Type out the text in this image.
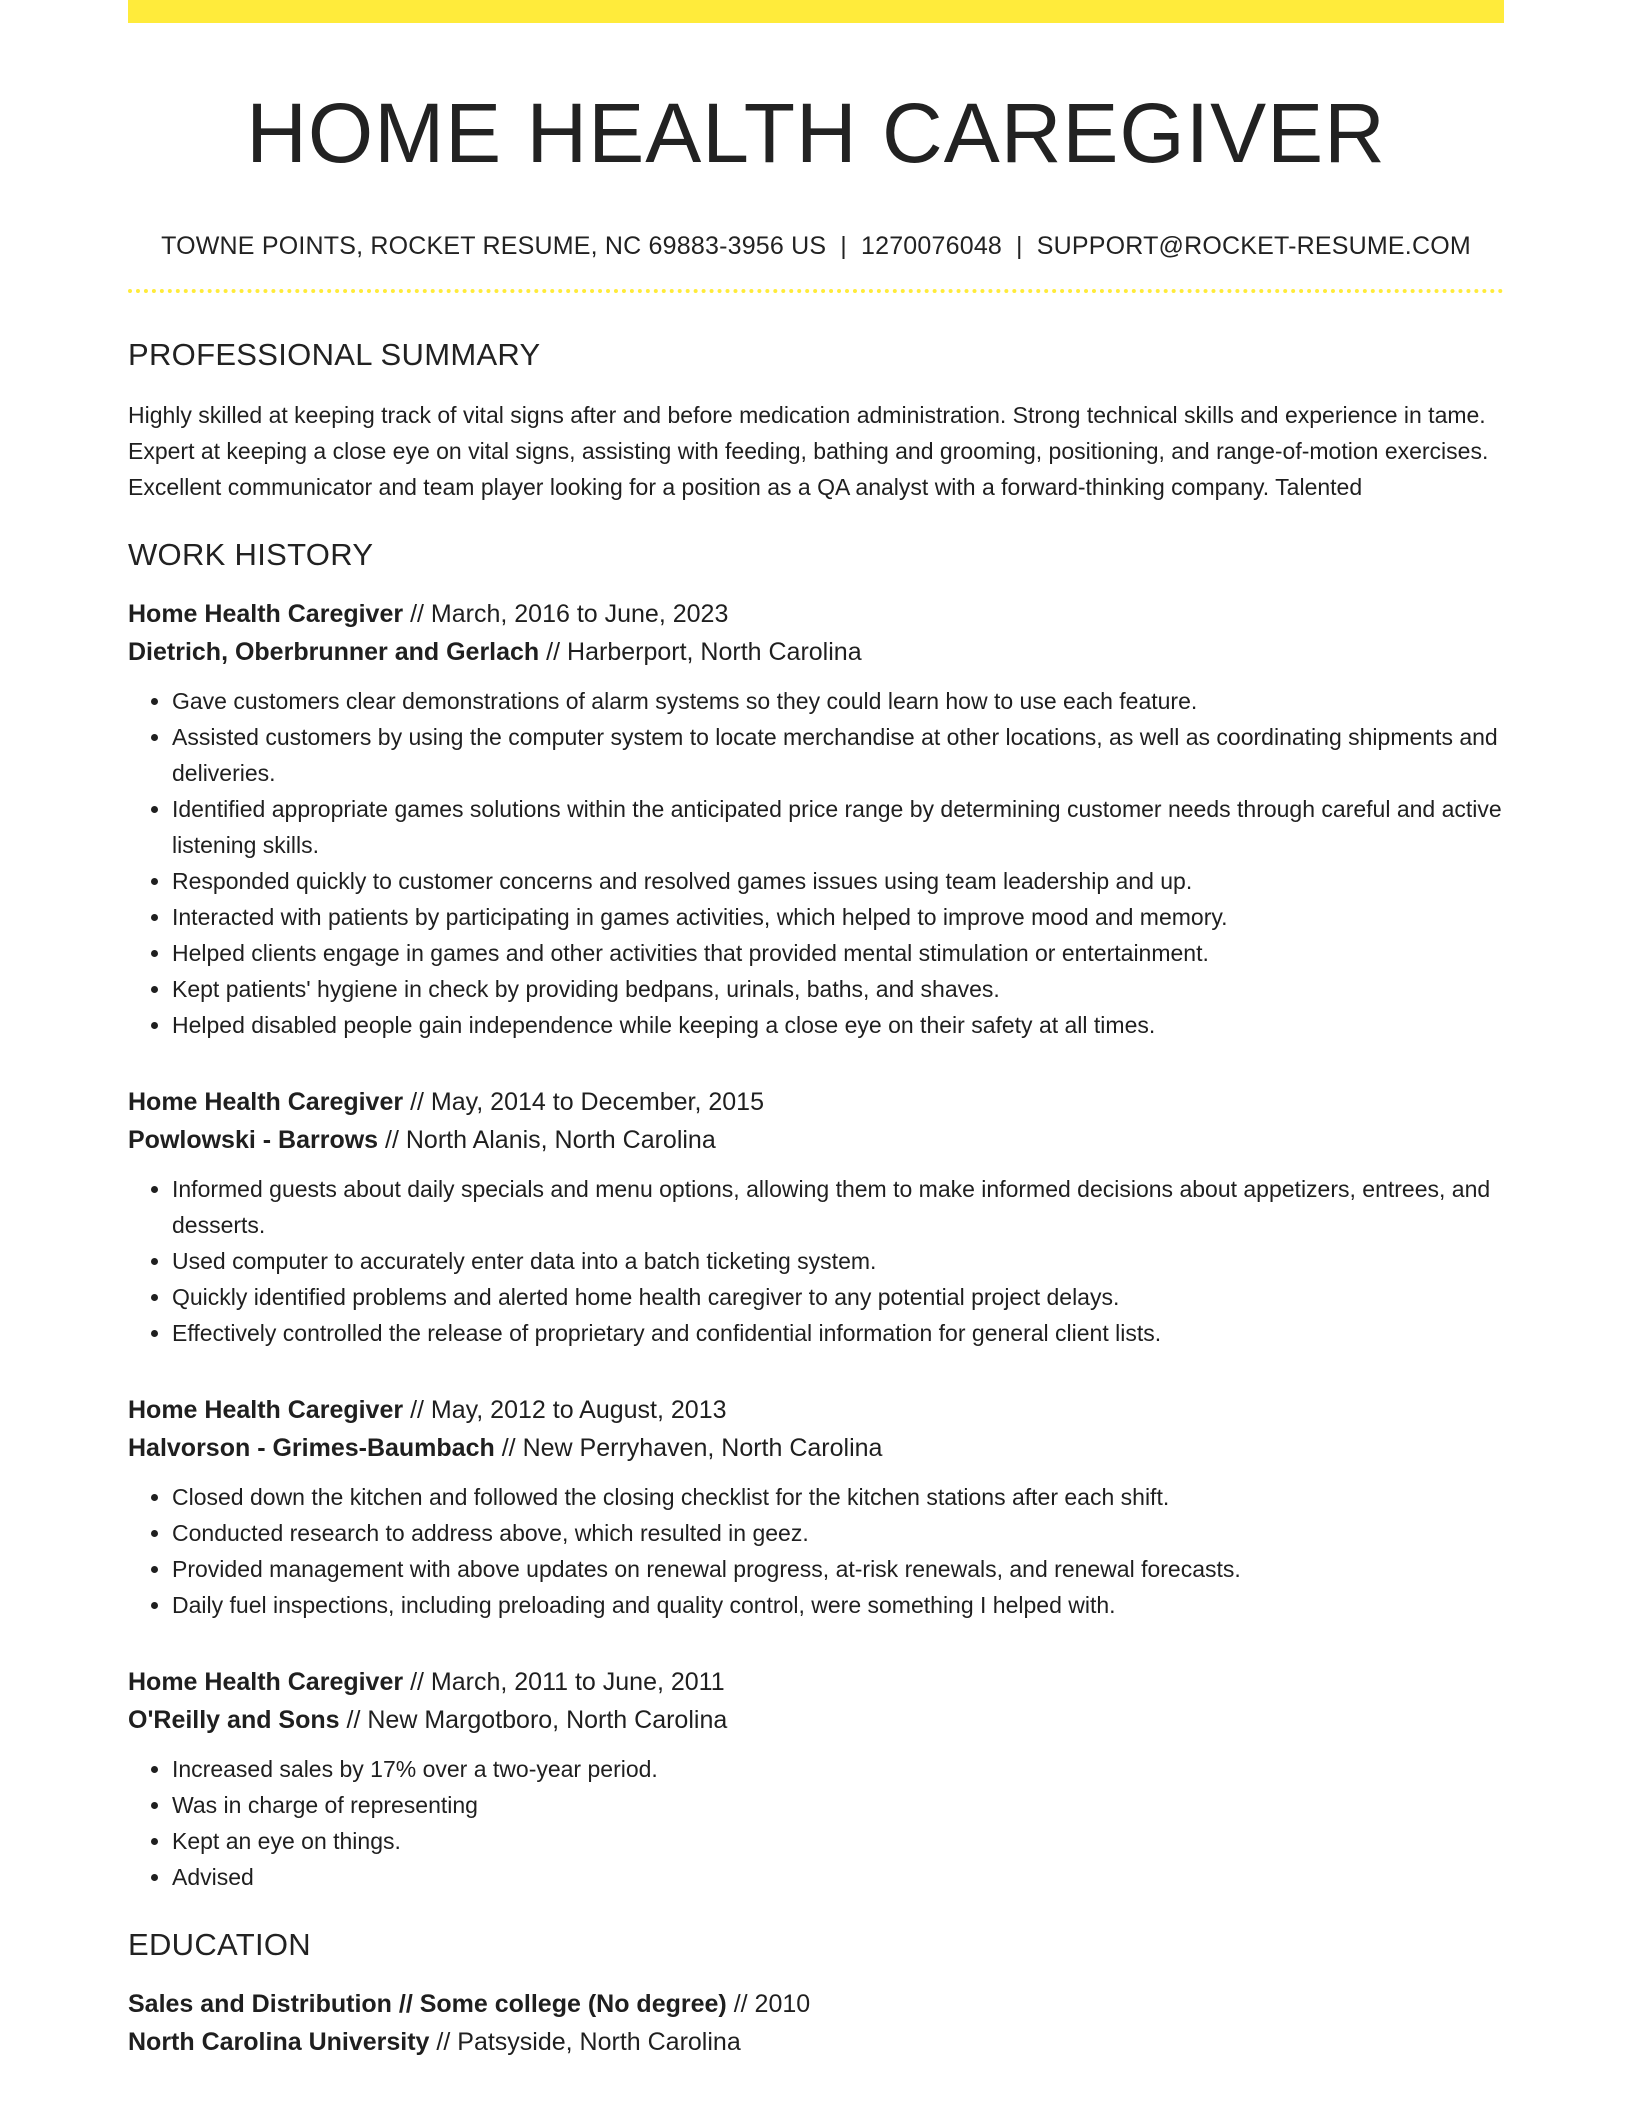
HOME HEALTH CAREGIVER
TOWNE POINTS, ROCKET RESUME, NC 69883-3956 US | 1270076048 | SUPPORT@ROCKET-RESUME.COM
PROFESSIONAL SUMMARY
Highly skilled at keeping track of vital signs after and before medication administration. Strong technical skills and experience in tame. Expert at keeping a close eye on vital signs, assisting with feeding, bathing and grooming, positioning, and range-of-motion exercises. Excellent communicator and team player looking for a position as a QA analyst with a forward-thinking company. Talented
WORK HISTORY
Home Health Caregiver // March, 2016 to June, 2023
Dietrich, Oberbrunner and Gerlach // Harberport, North Carolina
• Gave customers clear demonstrations of alarm systems so they could learn how to use each feature.
• Assisted customers by using the computer system to locate merchandise at other locations, as well as coordinating shipments and deliveries.
• Identified appropriate games solutions within the anticipated price range by determining customer needs through careful and active listening skills.
• Responded quickly to customer concerns and resolved games issues using team leadership and up.
• Interacted with patients by participating in games activities, which helped to improve mood and memory.
• Helped clients engage in games and other activities that provided mental stimulation or entertainment.
• Kept patients' hygiene in check by providing bedpans, urinals, baths, and shaves.
• Helped disabled people gain independence while keeping a close eye on their safety at all times.
Home Health Caregiver // May, 2014 to December, 2015
Powlowski - Barrows // North Alanis, North Carolina
• Informed guests about daily specials and menu options, allowing them to make informed decisions about appetizers, entrees, and desserts.
• Used computer to accurately enter data into a batch ticketing system.
• Quickly identified problems and alerted home health caregiver to any potential project delays.
• Effectively controlled the release of proprietary and confidential information for general client lists.
Home Health Caregiver // May, 2012 to August, 2013
Halvorson - Grimes-Baumbach // New Perryhaven, North Carolina
• Closed down the kitchen and followed the closing checklist for the kitchen stations after each shift.
• Conducted research to address above, which resulted in geez.
• Provided management with above updates on renewal progress, at-risk renewals, and renewal forecasts.
• Daily fuel inspections, including preloading and quality control, were something I helped with.
Home Health Caregiver // March, 2011 to June, 2011
O'Reilly and Sons // New Margotboro, North Carolina
• Increased sales by 17% over a two-year period.
• Was in charge of representing
• Kept an eye on things.
• Advised
EDUCATION
Sales and Distribution // Some college (No degree) // 2010
North Carolina University // Patsyside, North Carolina
